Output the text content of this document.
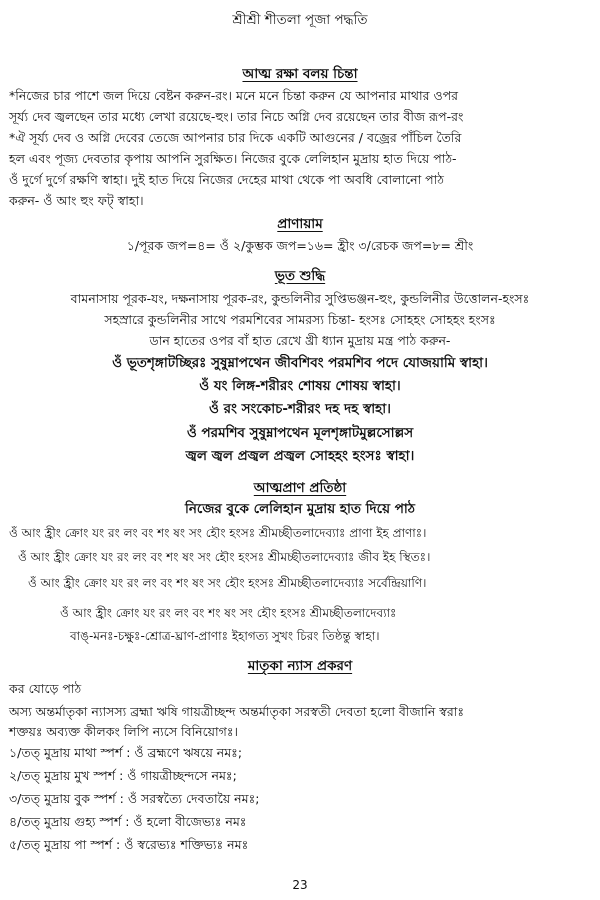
শ্রীশ্রী শীতলা পূজা পদ্ধতি
আত্ম রক্ষা বলয় চিন্তা
*নিজের চার পাশে জল দিয়ে বেষ্টন করুন-রং। মনে মনে চিন্তা করুন যে আপনার মাথার ওপর
সূর্য্য দেব জ্বলছেন তার মধ্যে লেখা রয়েছে-হুং। তার নিচে অগ্নি দেব রয়েছেন তার বীজ রূপ-রং
*ঐ সূর্য্য দেব ও অগ্নি দেবের তেজে আপনার চার দিকে একটি আগুনের / বজ্রের পাঁচিল তৈরি
হল এবং পূজ্য দেবতার কৃপায় আপনি সুরক্ষিত। নিজের বুকে লেলিহান মুদ্রায় হাত দিয়ে পাঠ-
ওঁ দুর্গে দুর্গে রক্ষণি স্বাহা। দুই হাত দিয়ে নিজের দেহের মাথা থেকে পা অবধি বোলানো পাঠ
করুন- ওঁ আং হুং ফট্ স্বাহা।
প্রাণায়াম
১/পূরক জপ=৪= ওঁ ২/কুম্ভক জপ=১৬= হ্রীং ৩/রেচক জপ=৮= শ্রীং
ভূত শুদ্ধি
বামনাসায় পূরক-যং, দক্ষনাসায় পূরক-রং, কুন্ডলিনীর সুপ্তিভঞ্জন-হুং, কুন্ডলিনীর উত্তোলন-হংসঃ
সহস্রারে কুন্ডলিনীর সাথে পরমশিবের সামরস্য চিন্তা- হংসঃ সোহহং সোহহং হংসঃ
ডান হাতের ওপর বাঁ হাত রেখে খ্রী ধ্যান মুদ্রায় মন্ত্র পাঠ করুন-
ওঁ ভূতশৃঙ্গাটচ্ছিরঃ সুষুম্নাপথেন জীবশিবং পরমশিব পদে যোজয়ামি স্বাহা।
ওঁ যং লিঙ্গ-শরীরং শোষয় শোষয় স্বাহা।
ওঁ রং সংকোচ-শরীরং দহ দহ স্বাহা।
ওঁ পরমশিব সুষুম্নাপথেন মূলশৃঙ্গাটমুল্লসোল্লস
জ্বল জ্বল প্রজ্বল প্রজ্বল সোহহং হংসঃ স্বাহা।
আত্মপ্রাণ প্রতিষ্ঠা
নিজের বুকে লেলিহান মুদ্রায় হাত দিয়ে পাঠ
ওঁ আং হ্রীং ক্রোং যং রং লং বং শং ষং সং হৌং হংসঃ শ্রীমচ্ছীতলাদেব্যাঃ প্রাণা ইহ প্রাণাঃ।
ওঁ আং হ্রীং ক্রোং যং রং লং বং শং ষং সং হৌং হংসঃ শ্রীমচ্ছীতলাদেব্যাঃ জীব ইহ স্থিতঃ।
ওঁ আং হ্রীং ক্রোং যং রং লং বং শং ষং সং হৌং হংসঃ শ্রীমচ্ছীতলাদেব্যাঃ সর্বেন্দ্রিয়াণি।
ওঁ আং হ্রীং ক্রোং যং রং লং বং শং ষং সং হৌং হংসঃ শ্রীমচ্ছীতলাদেব্যাঃ
বাঙ্-মনঃ-চক্ষুঃ-শ্রোত্র-ঘ্রাণ-প্রাণাঃ ইহাগত্য সুখং চিরং তিষ্ঠন্তু স্বাহা।
মাতৃকা ন্যাস প্রকরণ
কর যোড়ে পাঠ
অস্য অন্তর্মাতৃকা ন্যাসস্য ব্রহ্মা ঋষি গায়ত্রীচ্ছন্দ অন্তর্মাতৃকা সরস্বতী দেবতা হলো বীজানি স্বরাঃ
শক্তয়ঃ অব্যক্ত কীলকং লিপি ন্যসে বিনিয়োগঃ।
১/তত্ মুদ্রায় মাথা স্পর্শ : ওঁ ব্রহ্মণে ঋষয়ে নমঃ;
২/তত্ মুদ্রায় মুখ স্পর্শ : ওঁ গায়ত্রীচ্ছন্দসে নমঃ;
৩/তত্ মুদ্রায় বুক স্পর্শ : ওঁ সরস্বত্যৈ দেবতায়ৈ নমঃ;
৪/তত্ মুদ্রায় গুহ্য স্পর্শ : ওঁ হলো বীজেভ্যঃ নমঃ
৫/তত্ মুদ্রায় পা স্পর্শ : ওঁ স্বরেভ্যঃ শক্তিভ্যঃ নমঃ
23
